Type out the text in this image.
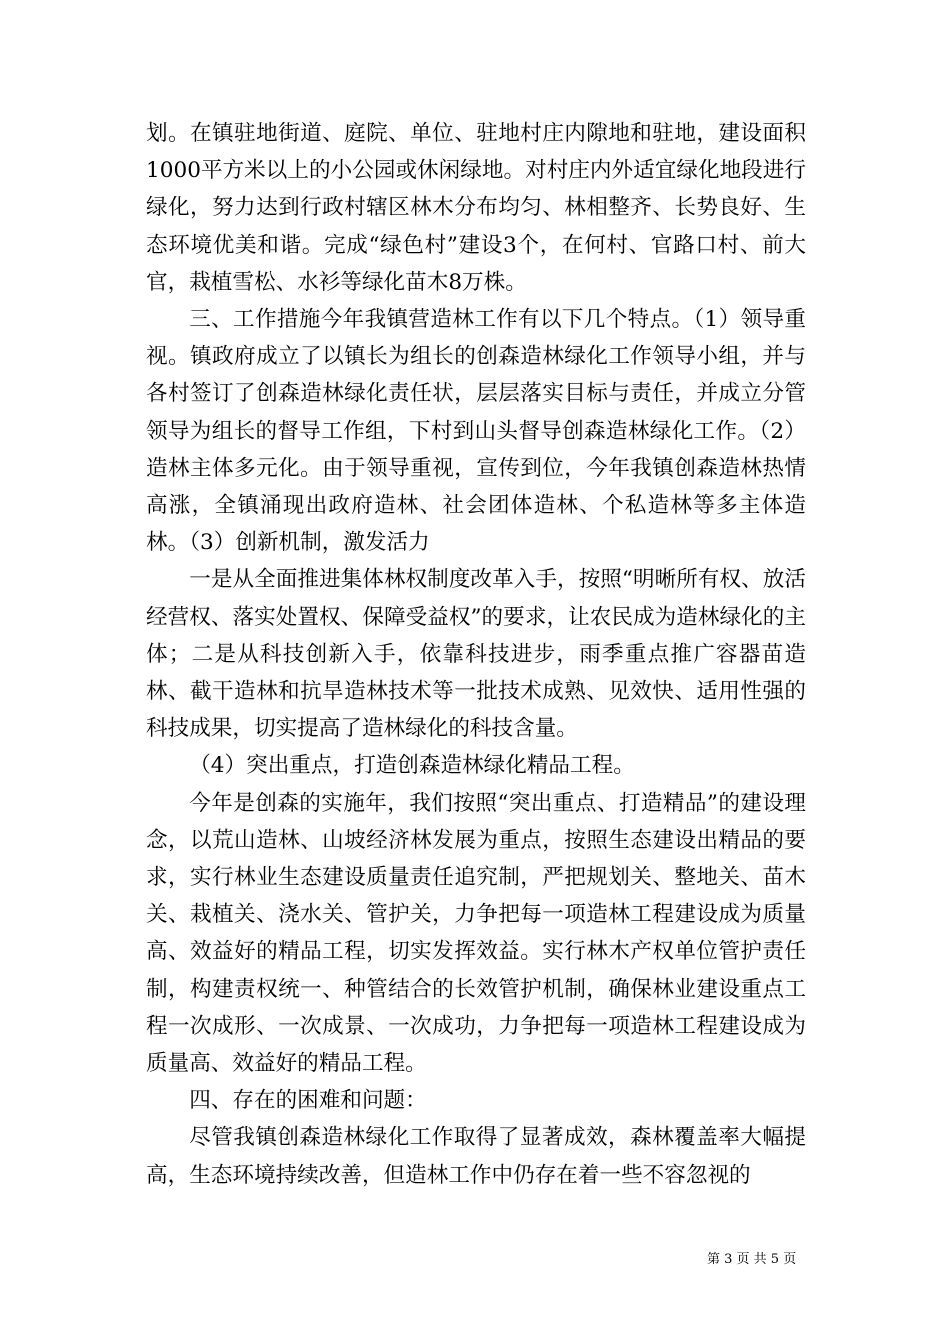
划。在镇驻地街道、庭院、单位、驻地村庄内隙地和驻地，建设面积1000平方米以上的小公园或休闲绿地。对村庄内外适宜绿化地段进行绿化，努力达到行政村辖区林木分布均匀、林相整齐、长势良好、生态环境优美和谐。完成“绿色村”建设3个，在何村、官路口村、前大官，栽植雪松、水衫等绿化苗木8万株。

三、工作措施今年我镇营造林工作有以下几个特点。（1）领导重视。镇政府成立了以镇长为组长的创森造林绿化工作领导小组，并与各村签订了创森造林绿化责任状，层层落实目标与责任，并成立分管领导为组长的督导工作组，下村到山头督导创森造林绿化工作。（2）造林主体多元化。由于领导重视，宣传到位，今年我镇创森造林热情高涨，全镇涌现出政府造林、社会团体造林、个私造林等多主体造林。（3）创新机制，激发活力

一是从全面推进集体林权制度改革入手，按照“明晰所有权、放活经营权、落实处置权、保障受益权”的要求，让农民成为造林绿化的主体；二是从科技创新入手，依靠科技进步，雨季重点推广容器苗造林、截干造林和抗旱造林技术等一批技术成熟、见效快、适用性强的科技成果，切实提高了造林绿化的科技含量。

（4）突出重点，打造创森造林绿化精品工程。

今年是创森的实施年，我们按照“突出重点、打造精品”的建设理念，以荒山造林、山坡经济林发展为重点，按照生态建设出精品的要求，实行林业生态建设质量责任追究制，严把规划关、整地关、苗木关、栽植关、浇水关、管护关，力争把每一项造林工程建设成为质量高、效益好的精品工程，切实发挥效益。实行林木产权单位管护责任制，构建责权统一、种管结合的长效管护机制，确保林业建设重点工程一次成形、一次成景、一次成功，力争把每一项造林工程建设成为质量高、效益好的精品工程。

四、存在的困难和问题：

尽管我镇创森造林绿化工作取得了显著成效，森林覆盖率大幅提高，生态环境持续改善，但造林工作中仍存在着一些不容忽视的

第 3 页 共 5 页
